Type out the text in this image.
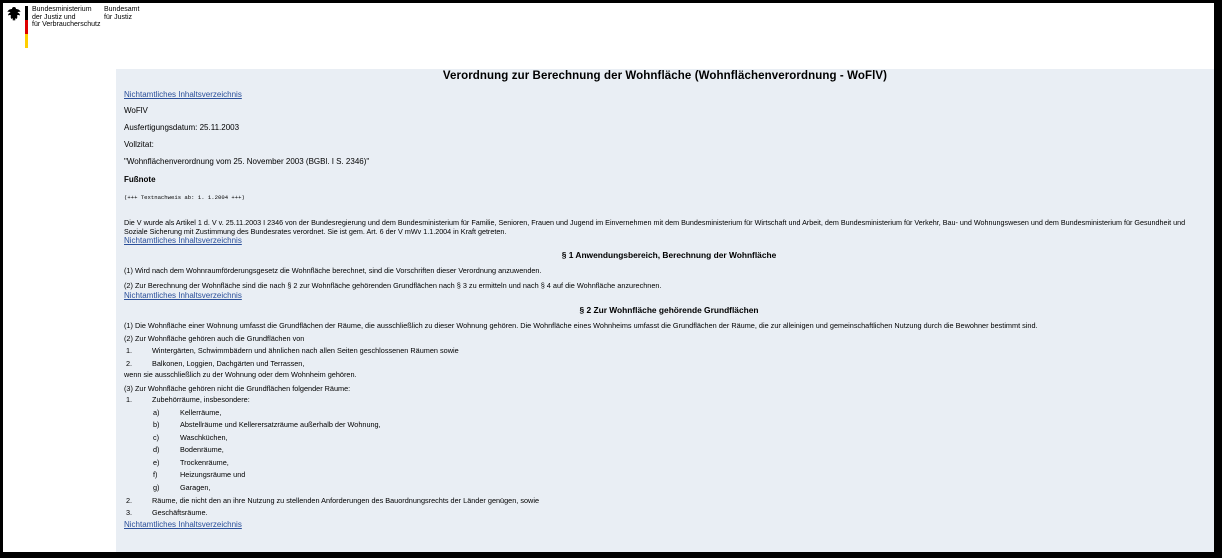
Bundesministerium
der Justiz und
für Verbraucherschutz
Bundesamt
für Justiz
Verordnung zur Berechnung der Wohnfläche (Wohnflächenverordnung - WoFlV)
Nichtamtliches Inhaltsverzeichnis
WoFlV
Ausfertigungsdatum: 25.11.2003
Vollzitat:
"Wohnflächenverordnung vom 25. November 2003 (BGBl. I S. 2346)"
Fußnote
(+++ Textnachweis ab: 1. 1.2004 +++)
Die V wurde als Artikel 1 d. V v. 25.11.2003 I 2346 von der Bundesregierung und dem Bundesministerium für Familie, Senioren, Frauen und Jugend im Einvernehmen mit dem Bundesministerium für Wirtschaft und Arbeit, dem Bundesministerium für Verkehr, Bau- und Wohnungswesen und dem Bundesministerium für Gesundheit und Soziale Sicherung mit Zustimmung des Bundesrates verordnet. Sie ist gem. Art. 6 der V mWv 1.1.2004 in Kraft getreten.
Nichtamtliches Inhaltsverzeichnis
§ 1 Anwendungsbereich, Berechnung der Wohnfläche
(1) Wird nach dem Wohnraumförderungsgesetz die Wohnfläche berechnet, sind die Vorschriften dieser Verordnung anzuwenden.
(2) Zur Berechnung der Wohnfläche sind die nach § 2 zur Wohnfläche gehörenden Grundflächen nach § 3 zu ermitteln und nach § 4 auf die Wohnfläche anzurechnen.
Nichtamtliches Inhaltsverzeichnis
§ 2 Zur Wohnfläche gehörende Grundflächen
(1) Die Wohnfläche einer Wohnung umfasst die Grundflächen der Räume, die ausschließlich zu dieser Wohnung gehören. Die Wohnfläche eines Wohnheims umfasst die Grundflächen der Räume, die zur alleinigen und gemeinschaftlichen Nutzung durch die Bewohner bestimmt sind.
(2) Zur Wohnfläche gehören auch die Grundflächen von
1.	Wintergärten, Schwimmbädern und ähnlichen nach allen Seiten geschlossenen Räumen sowie
2.	Balkonen, Loggien, Dachgärten und Terrassen,
wenn sie ausschließlich zu der Wohnung oder dem Wohnheim gehören.
(3) Zur Wohnfläche gehören nicht die Grundflächen folgender Räume:
1.	Zubehörräume, insbesondere:
a)	Kellerräume,
b)	Abstellräume und Kellerersatzräume außerhalb der Wohnung,
c)	Waschküchen,
d)	Bodenräume,
e)	Trockenräume,
f)	Heizungsräume und
g)	Garagen,
2.	Räume, die nicht den an ihre Nutzung zu stellenden Anforderungen des Bauordnungsrechts der Länder genügen, sowie
3.	Geschäftsräume.
Nichtamtliches Inhaltsverzeichnis
